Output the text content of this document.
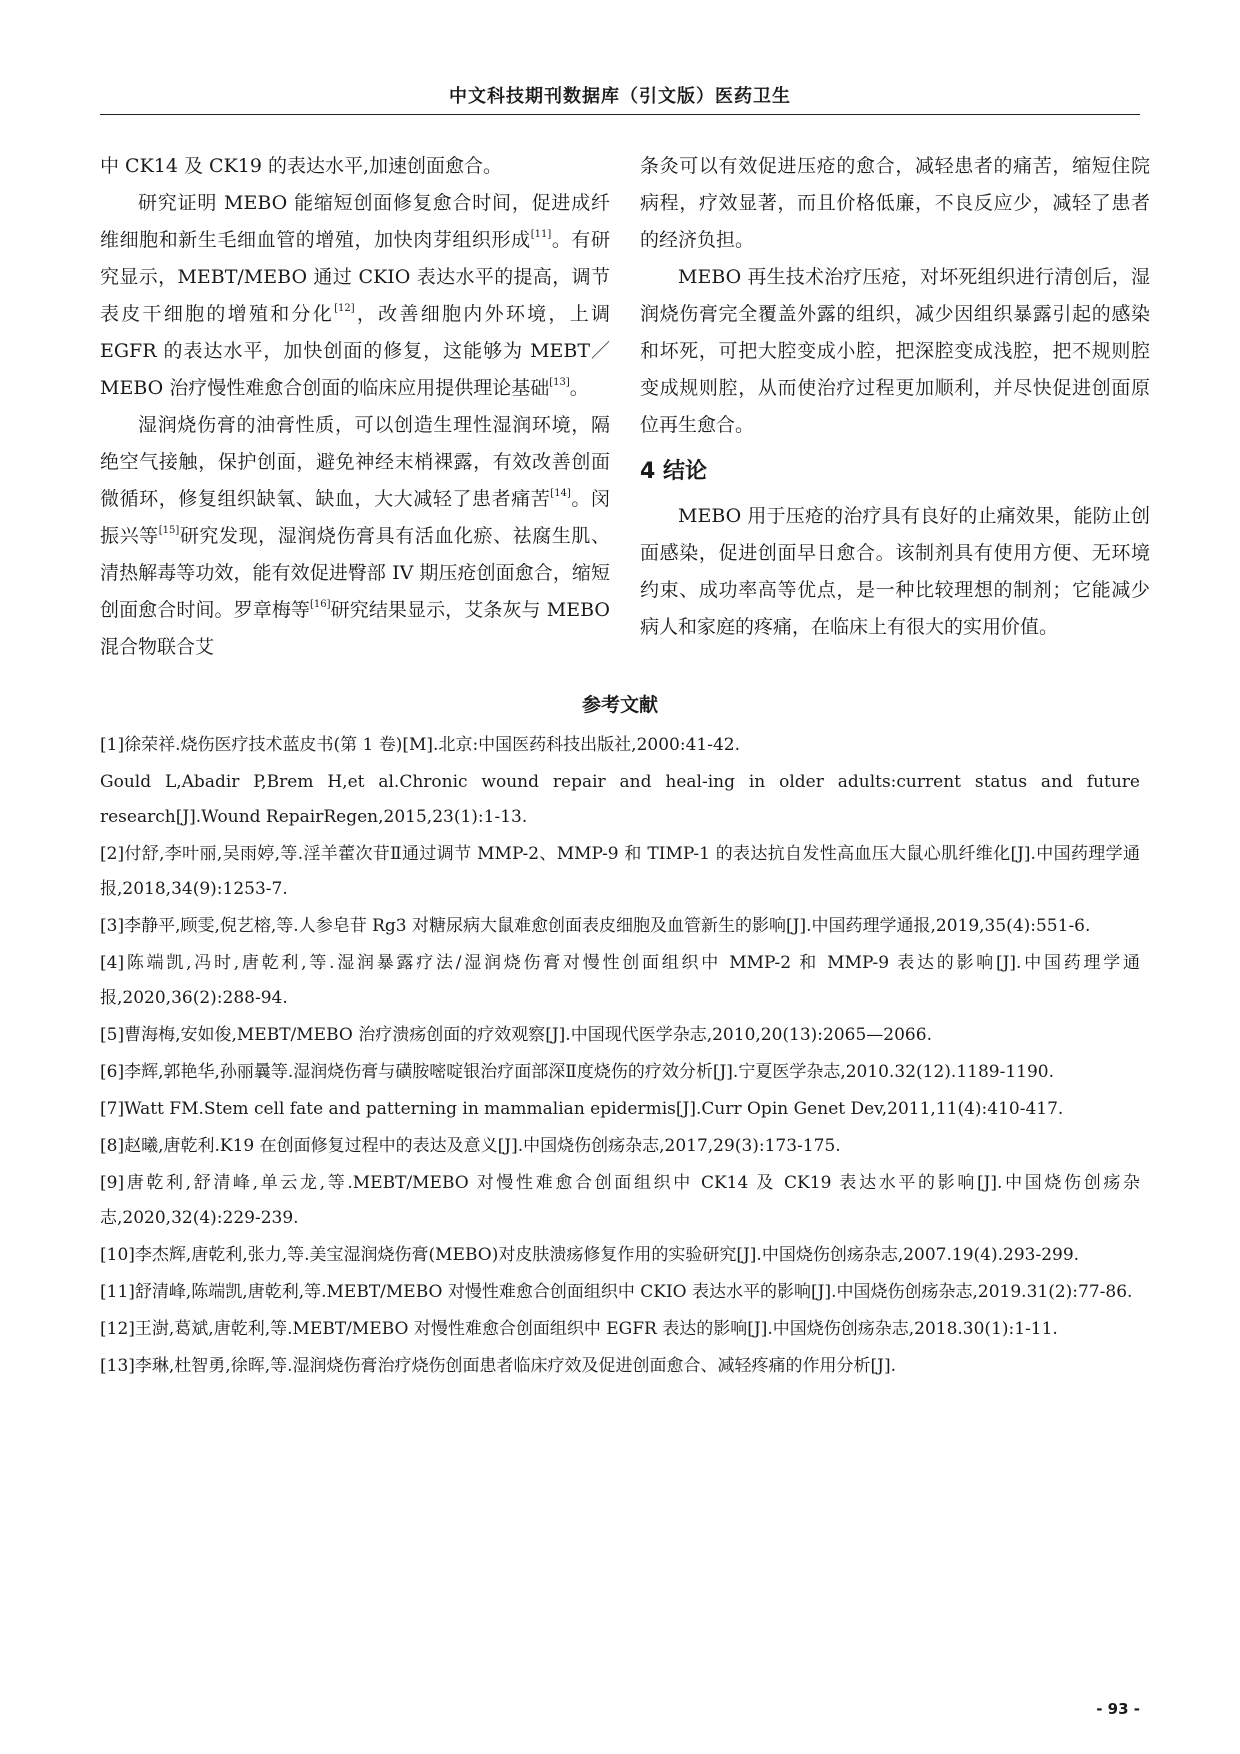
中文科技期刊数据库（引文版）医药卫生

中 CK14 及 CK19 的表达水平,加速创面愈合。

研究证明 MEBO 能缩短创面修复愈合时间，促进成纤维细胞和新生毛细血管的增殖，加快肉芽组织形成[11]。有研究显示，MEBT/MEBO 通过 CKIO 表达水平的提高，调节表皮干细胞的增殖和分化[12]，改善细胞内外环境，上调 EGFR 的表达水平，加快创面的修复，这能够为 MEBT／MEBO 治疗慢性难愈合创面的临床应用提供理论基础[13]。

湿润烧伤膏的油膏性质，可以创造生理性湿润环境，隔绝空气接触，保护创面，避免神经末梢裸露，有效改善创面微循环，修复组织缺氧、缺血，大大减轻了患者痛苦[14]。闵振兴等[15]研究发现，湿润烧伤膏具有活血化瘀、祛腐生肌、清热解毒等功效，能有效促进臀部 IV 期压疮创面愈合，缩短创面愈合时间。罗章梅等[16]研究结果显示，艾条灰与 MEBO 混合物联合艾

条灸可以有效促进压疮的愈合，减轻患者的痛苦，缩短住院病程，疗效显著，而且价格低廉，不良反应少，减轻了患者的经济负担。

MEBO 再生技术治疗压疮，对坏死组织进行清创后，湿润烧伤膏完全覆盖外露的组织，减少因组织暴露引起的感染和坏死，可把大腔变成小腔，把深腔变成浅腔，把不规则腔变成规则腔，从而使治疗过程更加顺利，并尽快促进创面原位再生愈合。

4 结论

MEBO 用于压疮的治疗具有良好的止痛效果，能防止创面感染，促进创面早日愈合。该制剂具有使用方便、无环境约束、成功率高等优点，是一种比较理想的制剂；它能减少病人和家庭的疼痛，在临床上有很大的实用价值。

参考文献
[1]徐荣祥.烧伤医疗技术蓝皮书(第 1 卷)[M].北京:中国医药科技出版社,2000:41-42.
Gould L,Abadir P,Brem H,et al.Chronic wound repair and heal-ing in older adults:current status and future research[J].Wound RepairRegen,2015,23(1):1-13.
[2]付舒,李叶丽,吴雨婷,等.淫羊藿次苷Ⅱ通过调节 MMP-2、MMP-9 和 TIMP-1 的表达抗自发性高血压大鼠心肌纤维化[J].中国药理学通报,2018,34(9):1253-7.
[3]李静平,顾雯,倪艺榕,等.人参皂苷 Rg3 对糖尿病大鼠难愈创面表皮细胞及血管新生的影响[J].中国药理学通报,2019,35(4):551-6.
[4]陈端凯,冯时,唐乾利,等.湿润暴露疗法/湿润烧伤膏对慢性创面组织中 MMP-2 和 MMP-9 表达的影响[J].中国药理学通报,2020,36(2):288-94.
[5]曹海梅,安如俊,MEBT/MEBO 治疗溃疡创面的疗效观察[J].中国现代医学杂志,2010,20(13):2065—2066.
[6]李辉,郭艳华,孙丽曩等.湿润烧伤膏与磺胺嘧啶银治疗面部深Ⅱ度烧伤的疗效分析[J].宁夏医学杂志,2010.32(12).1189-1190.
[7]Watt FM.Stem cell fate and patterning in mammalian epidermis[J].Curr Opin Genet Dev,2011,11(4):410-417.
[8]赵曦,唐乾利.K19 在创面修复过程中的表达及意义[J].中国烧伤创疡杂志,2017,29(3):173-175.
[9]唐乾利,舒清峰,单云龙,等.MEBT/MEBO 对慢性难愈合创面组织中 CK14 及 CK19 表达水平的影响[J].中国烧伤创疡杂志,2020,32(4):229-239.
[10]李杰辉,唐乾利,张力,等.美宝湿润烧伤膏(MEBO)对皮肤溃疡修复作用的实验研究[J].中国烧伤创疡杂志,2007.19(4).293-299.
[11]舒清峰,陈端凯,唐乾利,等.MEBT/MEBO 对慢性难愈合创面组织中 CKIO 表达水平的影响[J].中国烧伤创疡杂志,2019.31(2):77-86.
[12]王澍,葛斌,唐乾利,等.MEBT/MEBO 对慢性难愈合创面组织中 EGFR 表达的影响[J].中国烧伤创疡杂志,2018.30(1):1-11.
[13]李琳,杜智勇,徐晖,等.湿润烧伤膏治疗烧伤创面患者临床疗效及促进创面愈合、减轻疼痛的作用分析[J].
- 93 -
